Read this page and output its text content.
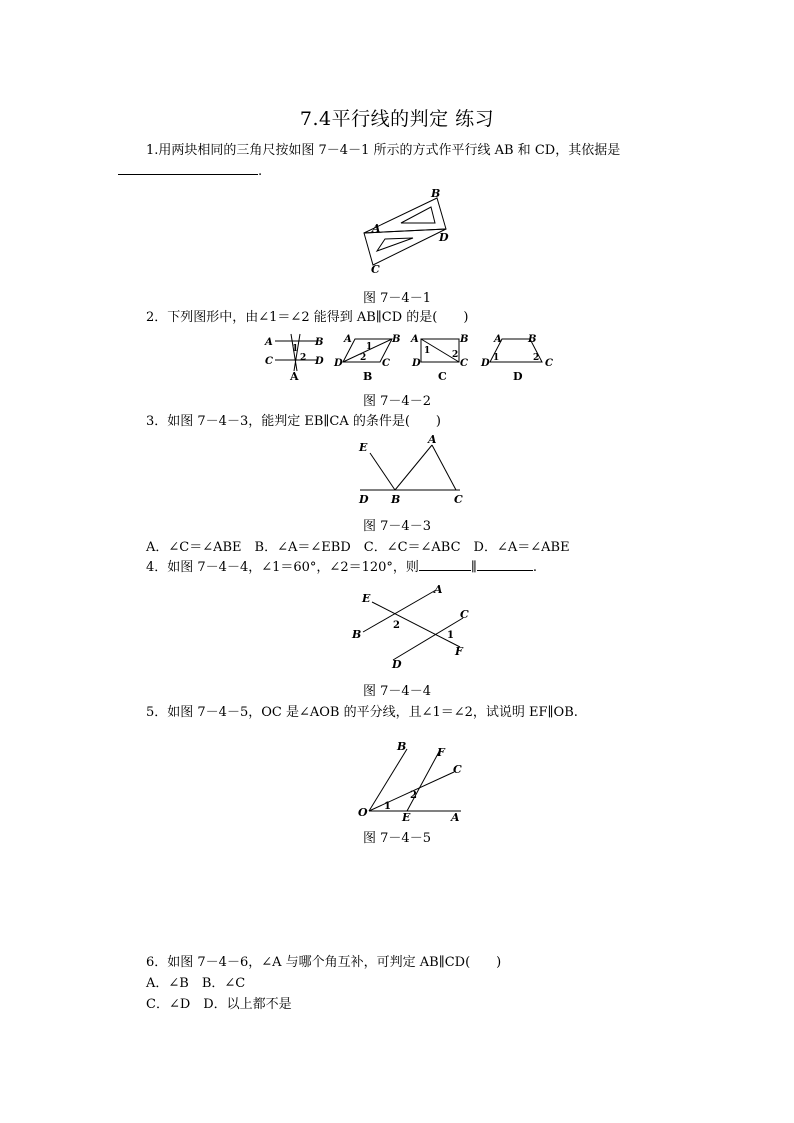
7.4平行线的判定 练习
1.用两块相同的三角尺按如图 7－4－1 所示的方式作平行线 AB 和 CD，其依据是
.
B
A
D
C
图 7－4－1
2．下列图形中，由∠1＝∠2 能得到 AB∥CD 的是(　　)
A	B
C	D
1
2
A
A	B
D	C
1
2
B
A	B
D	C
1 2
C
A	B
D	C
1	2
D
图 7－4－2
3．如图 7－4－3，能判定 EB∥CA 的条件是(　　)
E
A
D B	C
图 7－4－3
A．∠C＝∠ABE　B．∠A＝∠EBD　C．∠C＝∠ABC　D．∠A＝∠ABE
4．如图 7－4－4，∠1＝60°，∠2＝120°，则	∥	.
E
A
C
B
D
F
2
1
图 7－4－4
5．如图 7－4－5，OC 是∠AOB 的平分线，且∠1＝∠2，试说明 EF∥OB.
B	F
C
O	E	A
1
2
图 7－4－5
6．如图 7－4－6，∠A 与哪个角互补，可判定 AB∥CD(　　)
A．∠B　B．∠C
C．∠D　D．以上都不是
